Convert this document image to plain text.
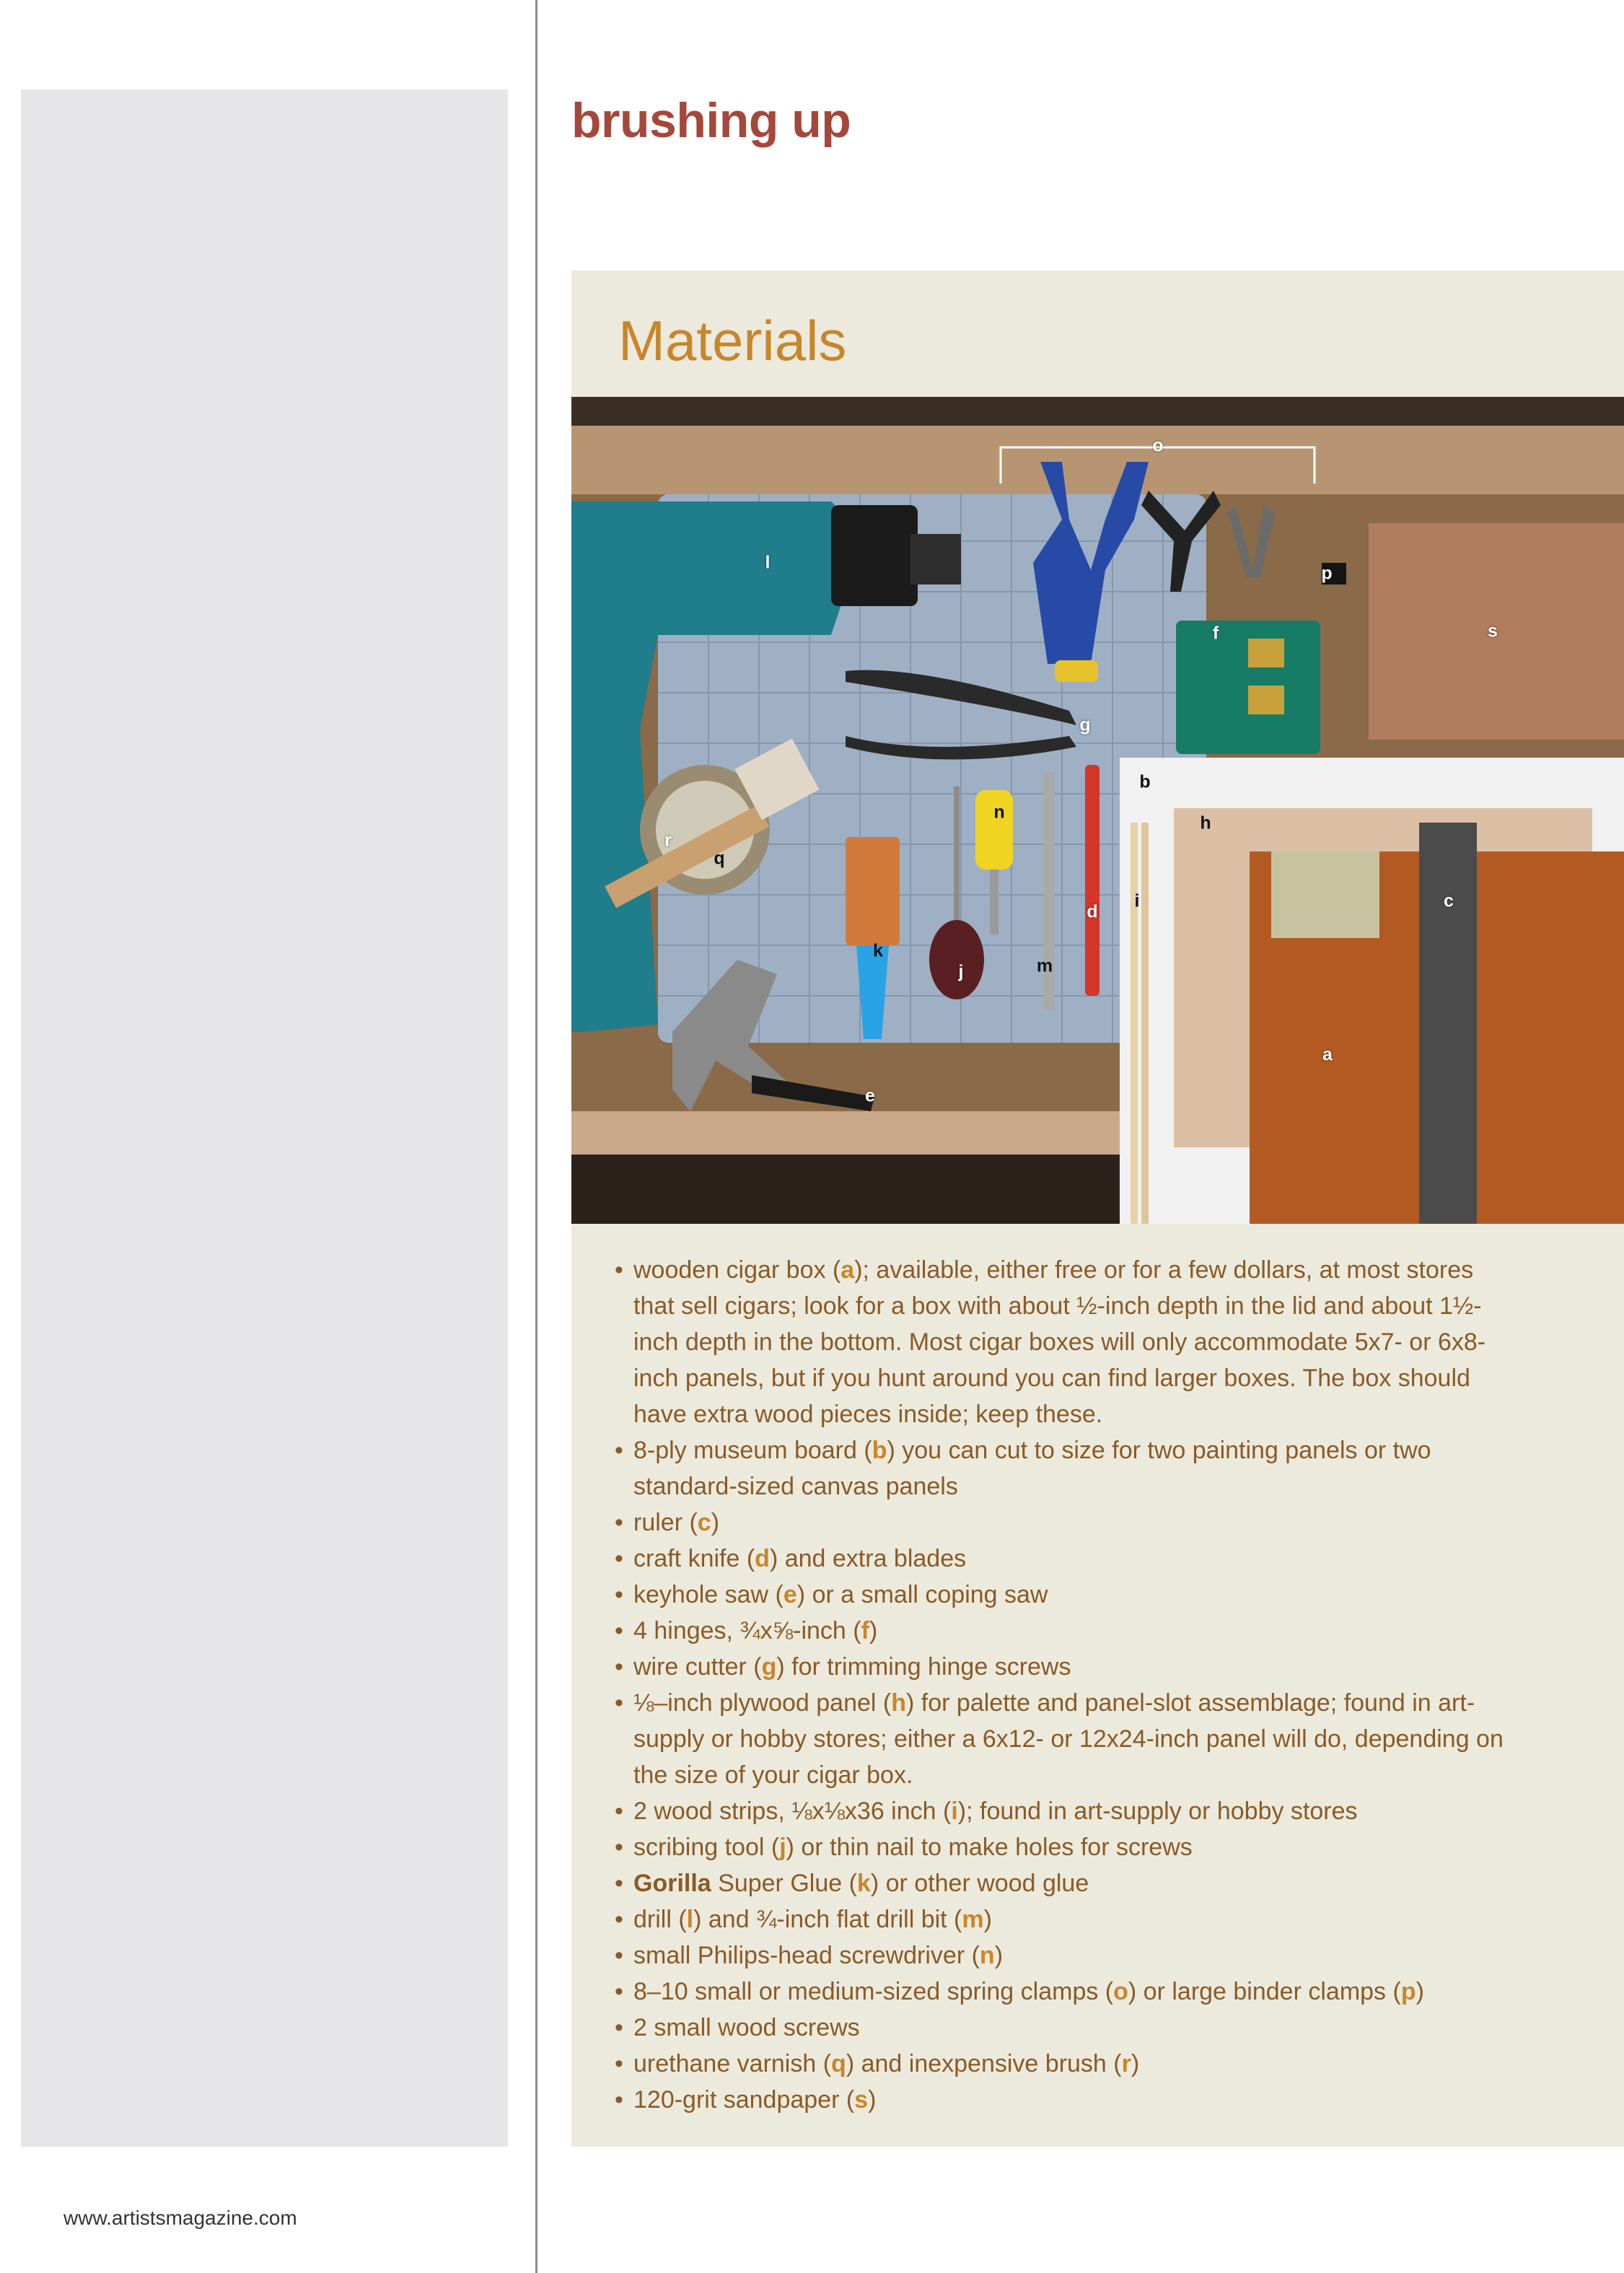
brushing up
Materials
o
l
p
s
f
g
b
h
n
r
q
c
i
d
k
m
j
a
e
• wooden cigar box (a); available, either free or for a few dollars, at most stores that sell cigars; look for a box with about ½-inch depth in the lid and about 1½-inch depth in the bottom. Most cigar boxes will only accommodate 5x7- or 6x8-inch panels, but if you hunt around you can find larger boxes. The box should have extra wood pieces inside; keep these.
• 8-ply museum board (b) you can cut to size for two painting panels or two standard-sized canvas panels
• ruler (c)
• craft knife (d) and extra blades
• keyhole saw (e) or a small coping saw
• 4 hinges, ¾x⅝-inch (f)
• wire cutter (g) for trimming hinge screws
• ⅛–inch plywood panel (h) for palette and panel-slot assemblage; found in art-supply or hobby stores; either a 6x12- or 12x24-inch panel will do, depending on the size of your cigar box.
• 2 wood strips, ⅛x⅛x36 inch (i); found in art-supply or hobby stores
• scribing tool (j) or thin nail to make holes for screws
• Gorilla Super Glue (k) or other wood glue
• drill (l) and ¾-inch flat drill bit (m)
• small Philips-head screwdriver (n)
• 8–10 small or medium-sized spring clamps (o) or large binder clamps (p)
• 2 small wood screws
• urethane varnish (q) and inexpensive brush (r)
• 120-grit sandpaper (s)
www.artistsmagazine.com
